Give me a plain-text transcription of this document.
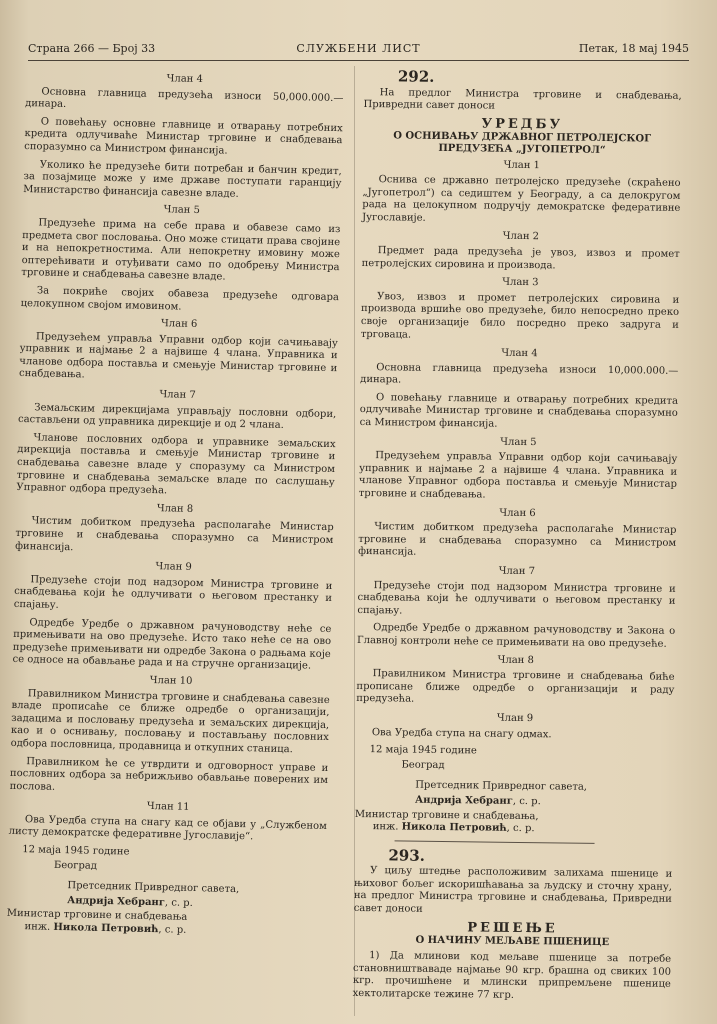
Страна 266 — Број 33	СЛУЖБЕНИ ЛИСТ	Петак, 18 мај 1945
Члан 4

Основна главница предузећа износи 50,000.000.— динара.

О повећању основне главнице и отварању потребних кредита одлучиваће Министар трговине и снабдевања споразумно са Министром финансија.

Уколико ће предузеће бити потребан и банчин кредит, за позајмице може у име државе поступати гаранцију Министарство финансија савезне владе.

Члан 5

Предузеће прима на себе права и обавезе само из предмета свог пословања. Оно може стицати права својине и на непокретностима. Али непокретну имовину може оптерећивати и отуђивати само по одобрењу Министра трговине и снабдевања савезне владе.

За покриће својих обавеза предузеће одговара целокупном својом имовином.

Члан 6

Предузећем управља Управни одбор који сачињавају управник и најмање 2 а највише 4 члана. Управника и чланове одбора поставља и смењује Министар трговине и снабдевања.

Члан 7

Земаљским дирекцијама управљају пословни одбори, састављени од управника дирекције и од 2 члана.

Чланове пословних одбора и управнике земаљских дирекција поставља и смењује Министар трговине и снабдевања савезне владе у споразуму са Министром трговине и снабдевања земаљске владе по саслушању Управног одбора предузећа.

Члан 8

Чистим добитком предузећа располагаће Министар трговине и снабдевања споразумно са Министром финансија.

Члан 9

Предузеће стоји под надзором Министра трговине и снабдевања који ће одлучивати о његовом престанку и спајању.

Одредбе Уредбе о државном рачуноводству неће се примењивати на ово предузеће. Исто тако неће се на ово предузеће примењивати ни одредбе Закона о радњама које се односе на обављање рада и на стручне организације.

Члан 10

Правилником Министра трговине и снабдевања савезне владе прописаће се ближе одредбе о организацији, задацима и пословању предузећа и земаљских дирекција, као и о оснивању, пословању и постављању пословних одбора пословница, продавница и откупних станица.

Правилником ће се утврдити и одговорност управе и пословних одбора за небрижљиво обављање поверених им послова.

Члан 11

Ова Уредба ступа на снагу кад се објави у „Службеном листу демократске федеративне Југославије“.

12 маја 1945 године
Београд
Претседник Привредног савета,
Андрија Хебранг, с. р.
Министар трговине и снабдевања
инж. Никола Петровић, с. р.
292.

На предлог Министра трговине и снабдевања, Привредни савет доноси

УРЕДБУ
О ОСНИВАЊУ ДРЖАВНОГ ПЕТРОЛЕЈСКОГ ПРЕДУЗЕЋА „ЈУГОПЕТРОЛ“
Члан 1

Оснива се државно петролејско предузеће (скраћено „Југопетрол“) са седиштем у Београду, а са делокругом рада на целокупном подручју демократске федеративне Југославије.

Члан 2

Предмет рада предузећа је увоз, извоз и промет петролејских сировина и производа.

Члан 3

Увоз, извоз и промет петролејских сировина и производа вршиће ово предузеће, било непосредно преко своје организације било посредно преко задруга и трговаца.

Члан 4

Основна главница предузећа износи 10,000.000.— динара.

О повећању главнице и отварању потребних кредита одлучиваће Министар трговине и снабдевања споразумно са Министром финансија.

Члан 5

Предузећем управља Управни одбор који сачињавају управник и најмање 2 а највише 4 члана. Управника и чланове Управног одбора поставља и смењује Министар трговине и снабдевања.

Члан 6

Чистим добитком предузећа располагаће Министар трговине и снабдевања споразумно са Министром финансија.

Члан 7

Предузеће стоји под надзором Министра трговине и снабдевања који ће одлучивати о његовом престанку и спајању.

Одредбе Уредбе о државном рачуноводству и Закона о Главној контроли неће се примењивати на ово предузеће.

Члан 8

Правилником Министра трговине и снабдевања биће прописане ближе одредбе о организацији и раду предузећа.

Члан 9

Ова Уредба ступа на снагу одмах.

12 маја 1945 године
Београд
Претседник Привредног савета,
Андрија Хебранг, с. р.
Министар трговине и снабдевања,
инж. Никола Петровић, с. р.
293.

У циљу штедње расположивим залихама пшенице и њиховог бољег искоришћавања за људску и сточну храну, на предлог Министра трговине и снабдевања, Привредни савет доноси

РЕШЕЊЕ
О НАЧИНУ МЕЉАВЕ ПШЕНИЦЕ

1) Да млинови код мељаве пшенице за потребе становништваваде најмање 90 кгр. брашна од свиких 100 кгр. прочишћене и млински припремљене пшенице хектолитарске тежине 77 кгр.
